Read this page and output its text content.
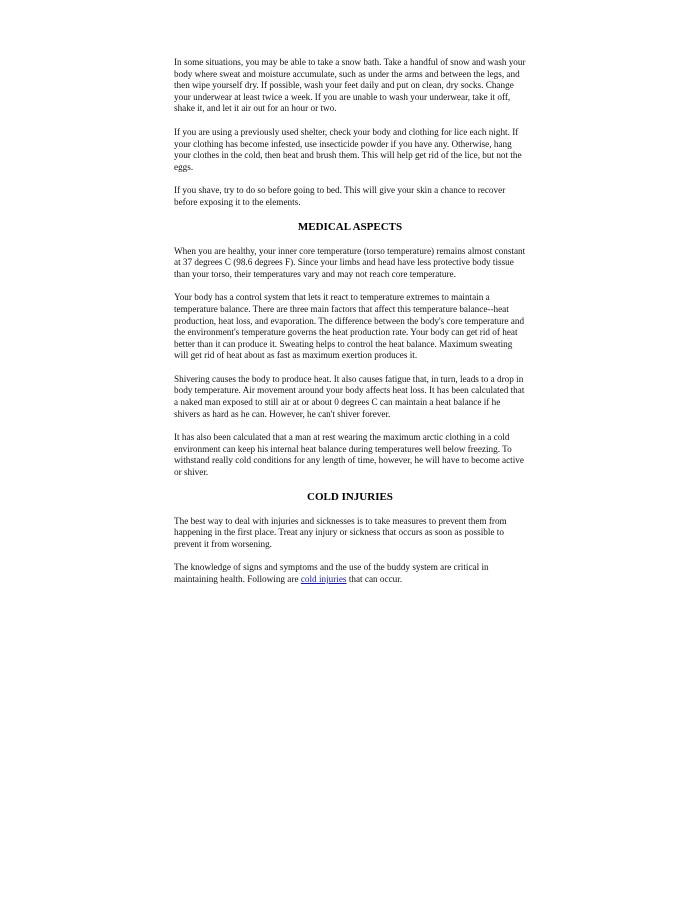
In some situations, you may be able to take a snow bath. Take a handful of snow and wash your body where sweat and moisture accumulate, such as under the arms and between the legs, and then wipe yourself dry. If possible, wash your feet daily and put on clean, dry socks. Change your underwear at least twice a week. If you are unable to wash your underwear, take it off, shake it, and let it air out for an hour or two.

If you are using a previously used shelter, check your body and clothing for lice each night. If your clothing has become infested, use insecticide powder if you have any. Otherwise, hang your clothes in the cold, then beat and brush them. This will help get rid of the lice, but not the eggs.

If you shave, try to do so before going to bed. This will give your skin a chance to recover before exposing it to the elements.

MEDICAL ASPECTS

When you are healthy, your inner core temperature (torso temperature) remains almost constant at 37 degrees C (98.6 degrees F). Since your limbs and head have less protective body tissue than your torso, their temperatures vary and may not reach core temperature.

Your body has a control system that lets it react to temperature extremes to maintain a temperature balance. There are three main factors that affect this temperature balance--heat production, heat loss, and evaporation. The difference between the body's core temperature and the environment's temperature governs the heat production rate. Your body can get rid of heat better than it can produce it. Sweating helps to control the heat balance. Maximum sweating will get rid of heat about as fast as maximum exertion produces it.

Shivering causes the body to produce heat. It also causes fatigue that, in turn, leads to a drop in body temperature. Air movement around your body affects heat loss. It has been calculated that a naked man exposed to still air at or about 0 degrees C can maintain a heat balance if he shivers as hard as he can. However, he can't shiver forever.

It has also been calculated that a man at rest wearing the maximum arctic clothing in a cold environment can keep his internal heat balance during temperatures well below freezing. To withstand really cold conditions for any length of time, however, he will have to become active or shiver.

COLD INJURIES

The best way to deal with injuries and sicknesses is to take measures to prevent them from happening in the first place. Treat any injury or sickness that occurs as soon as possible to prevent it from worsening.

The knowledge of signs and symptoms and the use of the buddy system are critical in maintaining health. Following are cold injuries that can occur.
